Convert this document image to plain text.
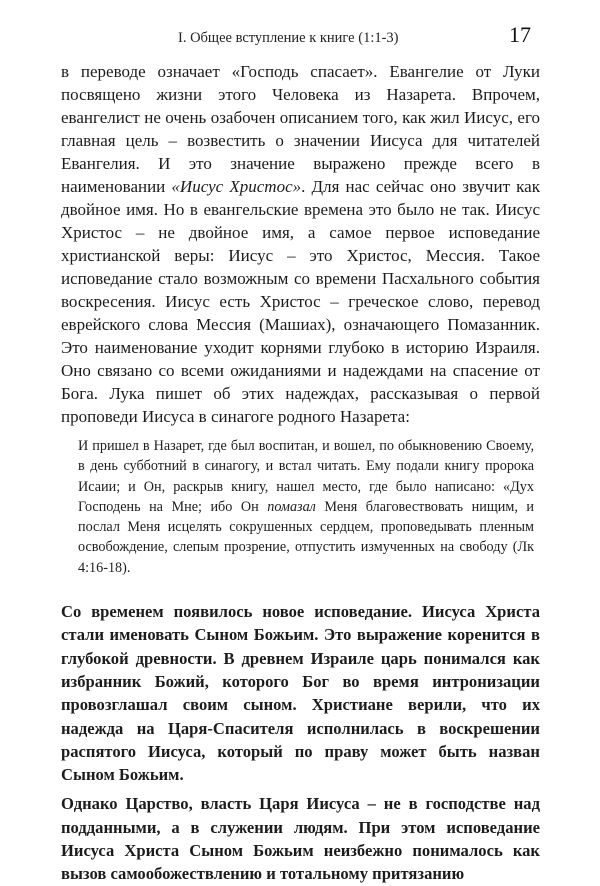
I. Общее вступление к книге (1:1-3)	17

в переводе означает «Господь спасает». Евангелие от Луки посвящено жизни этого Человека из Назарета. Впрочем, евангелист не очень озабочен описанием того, как жил Иисус, его главная цель – возвестить о значении Иисуса для читателей Евангелия. И это значение выражено прежде всего в наименовании «Иисус Христос». Для нас сейчас оно звучит как двойное имя. Но в евангельские времена это было не так. Иисус Христос – не двойное имя, а самое первое исповедание христианской веры: Иисус – это Христос, Мессия. Такое исповедание стало возможным со времени Пасхального события воскресения. Иисус есть Христос – греческое слово, перевод еврейского слова Мессия (Машиах), означающего Помазанник. Это наименование уходит корнями глубоко в историю Израиля. Оно связано со всеми ожиданиями и надеждами на спасение от Бога. Лука пишет об этих надеждах, рассказывая о первой проповеди Иисуса в синагоге родного Назарета:

И пришел в Назарет, где был воспитан, и вошел, по обыкновению Своему, в день субботний в синагогу, и встал читать. Ему подали книгу пророка Исаии; и Он, раскрыв книгу, нашел место, где было написано: «Дух Господень на Мне; ибо Он помазал Меня благовествовать нищим, и послал Меня исцелять сокрушенных сердцем, проповедывать пленным освобождение, слепым прозрение, отпустить измученных на свободу (Лк 4:16-18).

Со временем появилось новое исповедание. Иисуса Христа стали именовать Сыном Божьим. Это выражение коренится в глубокой древности. В древнем Израиле царь понимался как избранник Божий, которого Бог во время интронизации провозглашал своим сыном. Христиане верили, что их надежда на Царя-Спасителя исполнилась в воскрешении распятого Иисуса, который по праву может быть назван Сыном Божьим.

Однако Царство, власть Царя Иисуса – не в господстве над подданными, а в служении людям. При этом исповедание Иисуса Христа Сыном Божьим неизбежно понималось как вызов самообожествлению и тотальному притязанию
